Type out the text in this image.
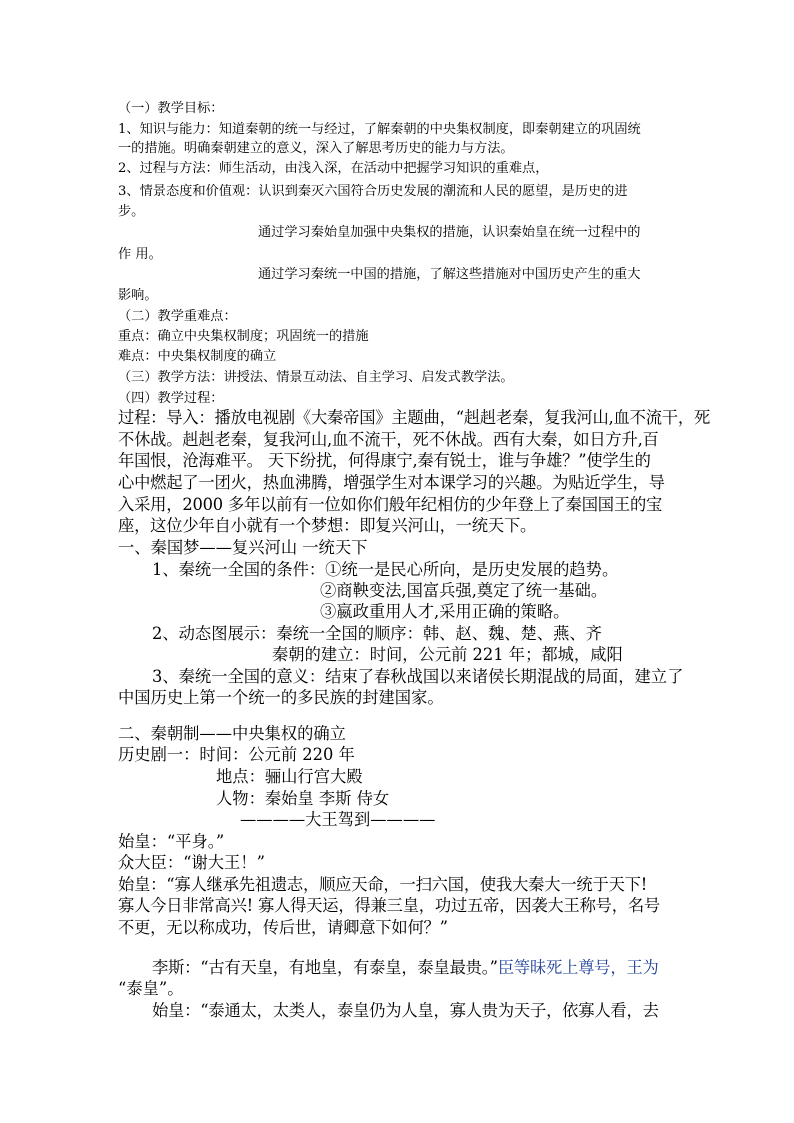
（一）教学目标：
1、知识与能力：知道秦朝的统一与经过，了解秦朝的中央集权制度，即秦朝建立的巩固统
一的措施。明确秦朝建立的意义，深入了解思考历史的能力与方法。
2、过程与方法：师生活动，由浅入深，在活动中把握学习知识的重难点，
3、情景态度和价值观：认识到秦灭六国符合历史发展的潮流和人民的愿望，是历史的进
步。
通过学习秦始皇加强中央集权的措施，认识秦始皇在统一过程中的
作 用。
通过学习秦统一中国的措施，了解这些措施对中国历史产生的重大
影响。
（二）教学重难点：
重点：确立中央集权制度；巩固统一的措施
难点：中央集权制度的确立
（三）教学方法：讲授法、情景互动法、自主学习、启发式教学法。
（四）教学过程：
过程：导入：播放电视剧《大秦帝国》主题曲，“赳赳老秦，复我河山,血不流干，死
不休战。赳赳老秦，复我河山,血不流干，死不休战。西有大秦，如日方升,百
年国恨，沧海难平。 天下纷扰，何得康宁,秦有锐士，谁与争雄？”使学生的
心中燃起了一团火，热血沸腾，增强学生对本课学习的兴趣。为贴近学生，导
入采用，2000 多年以前有一位如你们般年纪相仿的少年登上了秦国国王的宝
座，这位少年自小就有一个梦想：即复兴河山，一统天下。
一、秦国梦——复兴河山 一统天下
1、秦统一全国的条件：①统一是民心所向，是历史发展的趋势。
②商鞅变法,国富兵强,奠定了统一基础。
③嬴政重用人才,采用正确的策略。
2、动态图展示：秦统一全国的顺序：韩、赵、魏、楚、燕、齐
秦朝的建立：时间，公元前 221 年；都城，咸阳
3、秦统一全国的意义：结束了春秋战国以来诸侯长期混战的局面，建立了
中国历史上第一个统一的多民族的封建国家。
二、秦朝制——中央集权的确立
历史剧一：时间：公元前 220 年
地点：骊山行宫大殿
人物：秦始皇 李斯 侍女
————大王驾到————
始皇：“平身。”
众大臣：“谢大王！”
始皇：“寡人继承先祖遗志，顺应天命，一扫六国，使我大秦大一统于天下!
寡人今日非常高兴! 寡人得天运，得兼三皇，功过五帝，因袭大王称号，名号
不更，无以称成功，传后世，请卿意下如何？”
李斯：“古有天皇，有地皇，有泰皇，泰皇最贵。”臣等昧死上尊号，王为
“泰皇”。
始皇：“泰通太，太类人，泰皇仍为人皇，寡人贵为天子，依寡人看，去
